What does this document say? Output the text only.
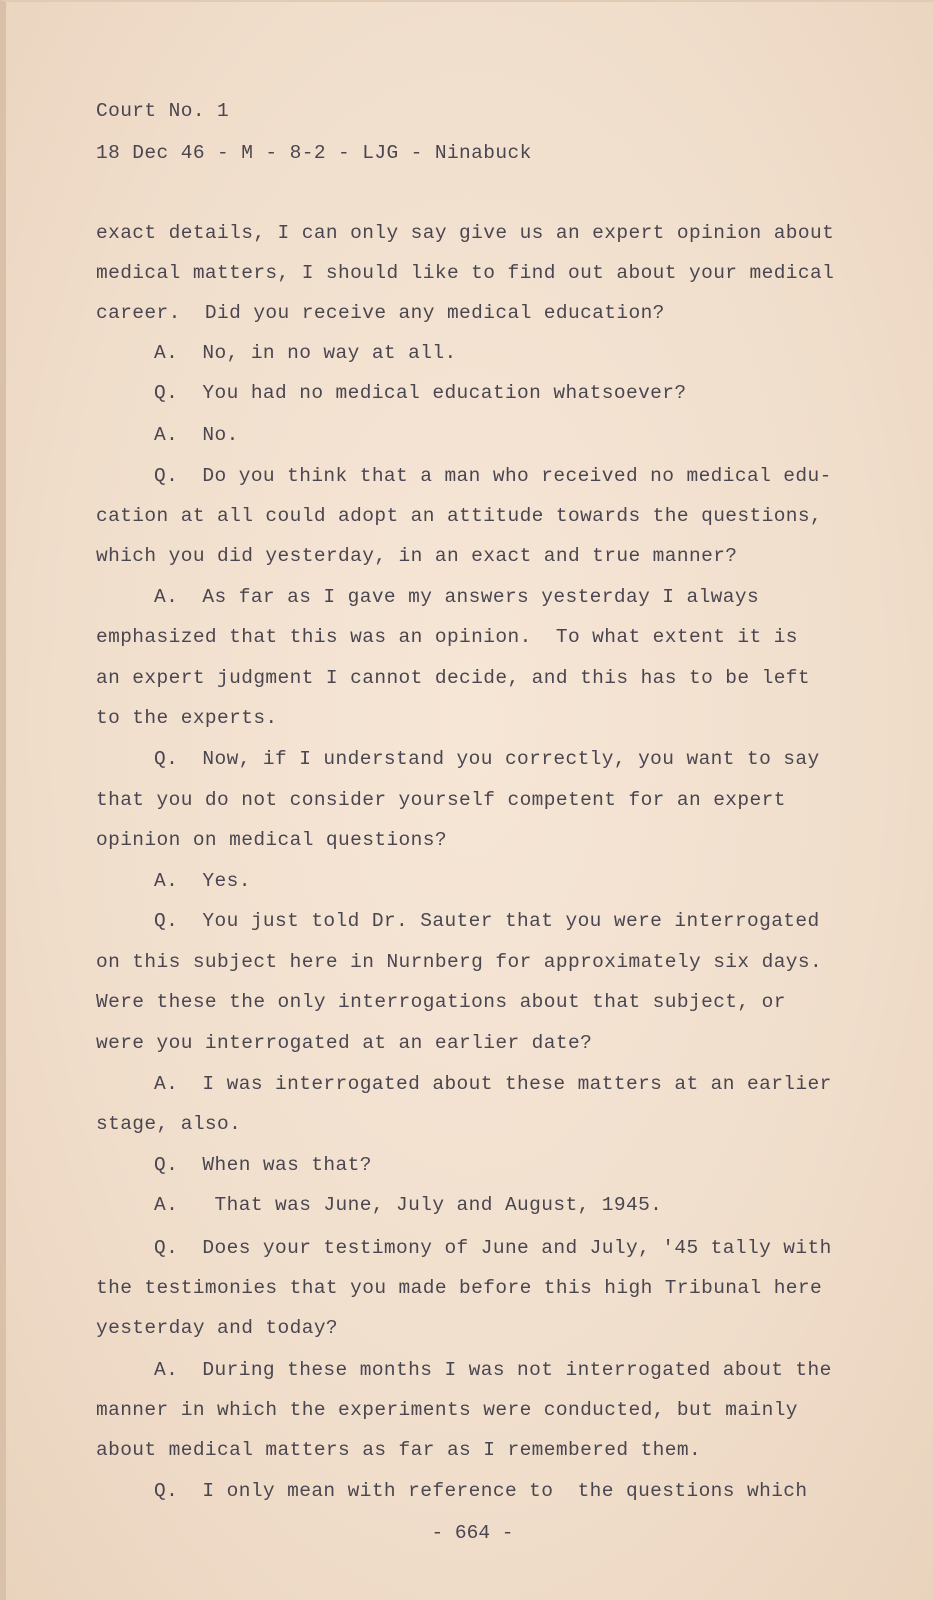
Court No. 1
18 Dec 46 - M - 8-2 - LJG - Ninabuck
exact details, I can only say give us an expert opinion about
medical matters, I should like to find out about your medical
career.  Did you receive any medical education?
A.  No, in no way at all.
Q.  You had no medical education whatsoever?
A.  No.
Q.  Do you think that a man who received no medical edu-
cation at all could adopt an attitude towards the questions,
which you did yesterday, in an exact and true manner?
A.  As far as I gave my answers yesterday I always
emphasized that this was an opinion.  To what extent it is
an expert judgment I cannot decide, and this has to be left
to the experts.
Q.  Now, if I understand you correctly, you want to say
that you do not consider yourself competent for an expert
opinion on medical questions?
A.  Yes.
Q.  You just told Dr. Sauter that you were interrogated
on this subject here in Nurnberg for approximately six days.
Were these the only interrogations about that subject, or
were you interrogated at an earlier date?
A.  I was interrogated about these matters at an earlier
stage, also.
Q.  When was that?
A.   That was June, July and August, 1945.
Q.  Does your testimony of June and July, '45 tally with
the testimonies that you made before this high Tribunal here
yesterday and today?
A.  During these months I was not interrogated about the
manner in which the experiments were conducted, but mainly
about medical matters as far as I remembered them.
Q.  I only mean with reference to  the questions which
- 664 -
